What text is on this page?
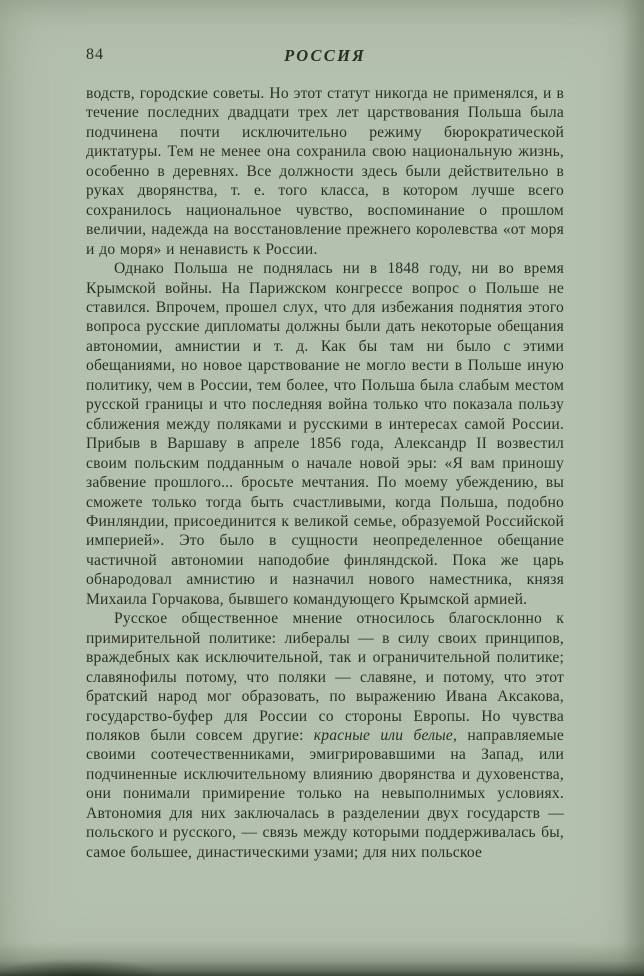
84	РОССИЯ

водств, городские советы. Но этот статут никогда не применялся, и в течение последних двадцати трех лет царствования Польша была подчинена почти исключительно режиму бюрократической диктатуры. Тем не менее она сохранила свою национальную жизнь, особенно в деревнях. Все должности здесь были действительно в руках дворянства, т. е. того класса, в котором лучше всего сохранилось национальное чувство, воспоминание о прошлом величии, надежда на восстановление прежнего королевства «от моря и до моря» и ненависть к России.

Однако Польша не поднялась ни в 1848 году, ни во время Крымской войны. На Парижском конгрессе вопрос о Польше не ставился. Впрочем, прошел слух, что для избежания поднятия этого вопроса русские дипломаты должны были дать некоторые обещания автономии, амнистии и т. д. Как бы там ни было с этими обещаниями, но новое царствование не могло вести в Польше иную политику, чем в России, тем более, что Польша была слабым местом русской границы и что последняя война только что показала пользу сближения между поляками и русскими в интересах самой России. Прибыв в Варшаву в апреле 1856 года, Александр II возвестил своим польским подданным о начале новой эры: «Я вам приношу забвение прошлого... бросьте мечтания. По моему убеждению, вы сможете только тогда быть счастливыми, когда Польша, подобно Финляндии, присоединится к великой семье, образуемой Российской империей». Это было в сущности неопределенное обещание частичной автономии наподобие финляндской. Пока же царь обнародовал амнистию и назначил нового наместника, князя Михаила Горчакова, бывшего командующего Крымской армией.

Русское общественное мнение относилось благосклонно к примирительной политике: либералы — в силу своих принципов, враждебных как исключительной, так и ограничительной политике; славянофилы потому, что поляки — славяне, и потому, что этот братский народ мог образовать, по выражению Ивана Аксакова, государство-буфер для России со стороны Европы. Но чувства поляков были совсем другие: красные или белые, направляемые своими соотечественниками, эмигрировавшими на Запад, или подчиненные исключительному влиянию дворянства и духовенства, они понимали примирение только на невыполнимых условиях. Автономия для них заключалась в разделении двух государств — польского и русского, — связь между которыми поддерживалась бы, самое большее, династическими узами; для них польское
